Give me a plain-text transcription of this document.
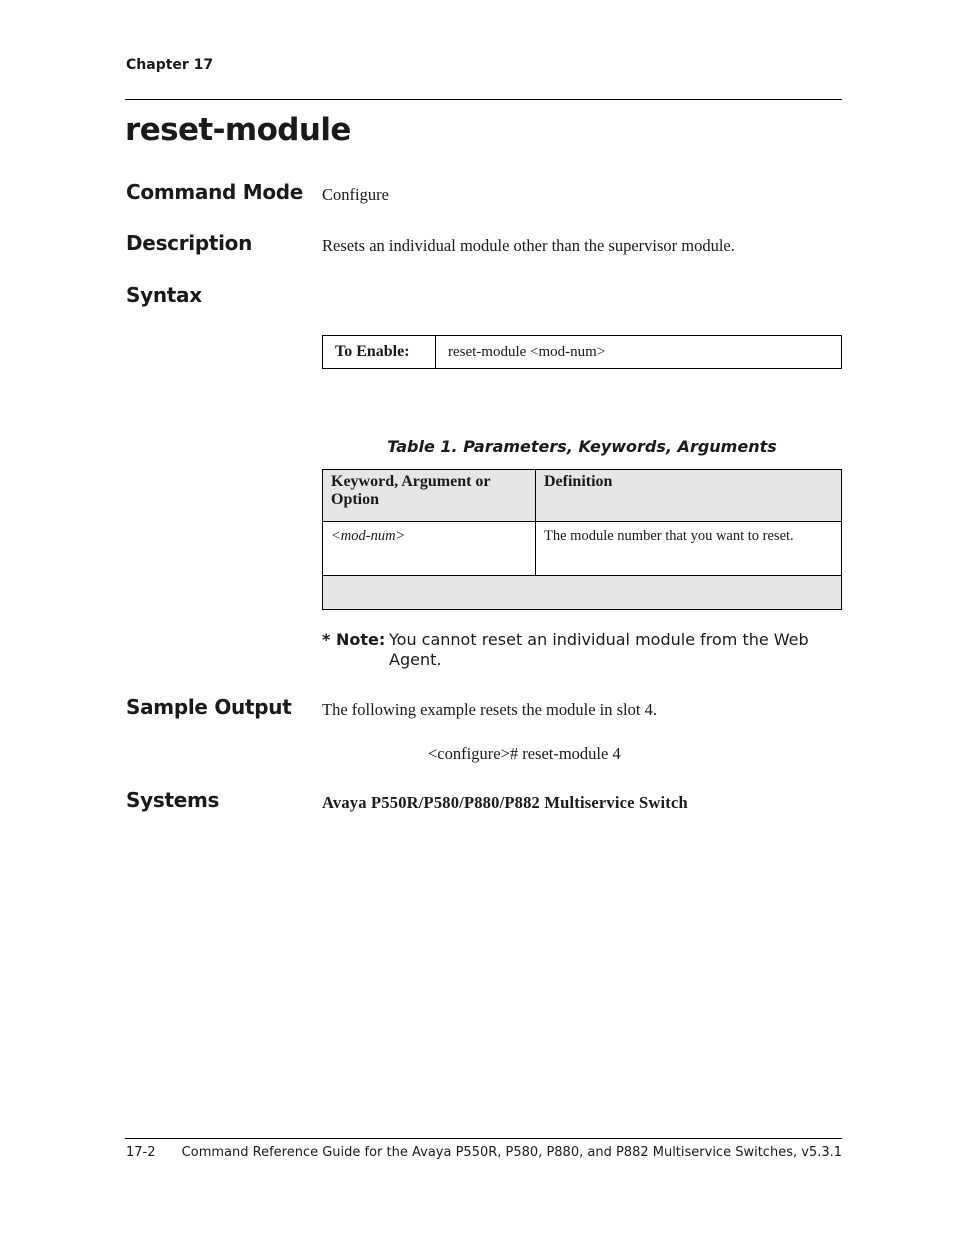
Chapter 17
reset-module
Command Mode Configure
Description	Resets an individual module other than the supervisor module.
Syntax
To Enable:	reset-module <mod-num>
Table 1. Parameters, Keywords, Arguments
Keyword, Argument or Option	Definition
<mod-num>	The module number that you want to reset.

* Note: You cannot reset an individual module from the Web Agent.
Sample Output The following example resets the module in slot 4.
<configure># reset-module 4
Systems	Avaya P550R/P580/P880/P882 Multiservice Switch
17-2 Command Reference Guide for the Avaya P550R, P580, P880, and P882 Multiservice Switches, v5.3.1
